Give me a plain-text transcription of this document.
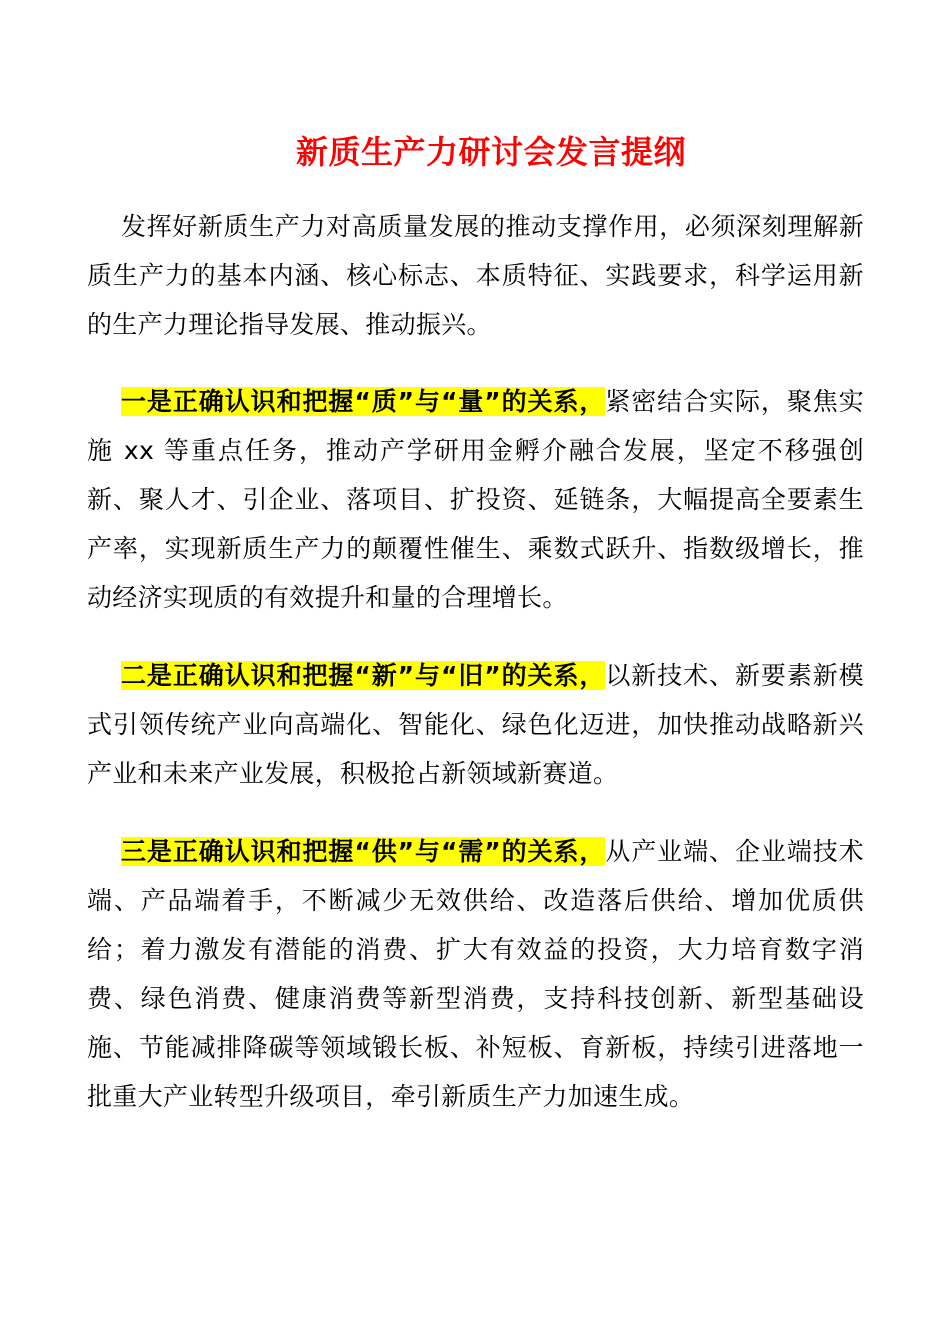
新质生产力研讨会发言提纲

发挥好新质生产力对高质量发展的推动支撑作用，必须深刻理解新质生产力的基本内涵、核心标志、本质特征、实践要求，科学运用新的生产力理论指导发展、推动振兴。

一是正确认识和把握“质”与“量”的关系，紧密结合实际，聚焦实施 xx 等重点任务，推动产学研用金孵介融合发展，坚定不移强创新、聚人才、引企业、落项目、扩投资、延链条，大幅提高全要素生产率，实现新质生产力的颠覆性催生、乘数式跃升、指数级增长，推动经济实现质的有效提升和量的合理增长。

二是正确认识和把握“新”与“旧”的关系，以新技术、新要素新模式引领传统产业向高端化、智能化、绿色化迈进，加快推动战略新兴产业和未来产业发展，积极抢占新领域新赛道。

三是正确认识和把握“供”与“需”的关系，从产业端、企业端技术端、产品端着手，不断减少无效供给、改造落后供给、增加优质供给；着力激发有潜能的消费、扩大有效益的投资，大力培育数字消费、绿色消费、健康消费等新型消费，支持科技创新、新型基础设施、节能减排降碳等领域锻长板、补短板、育新板，持续引进落地一批重大产业转型升级项目，牵引新质生产力加速生成。
